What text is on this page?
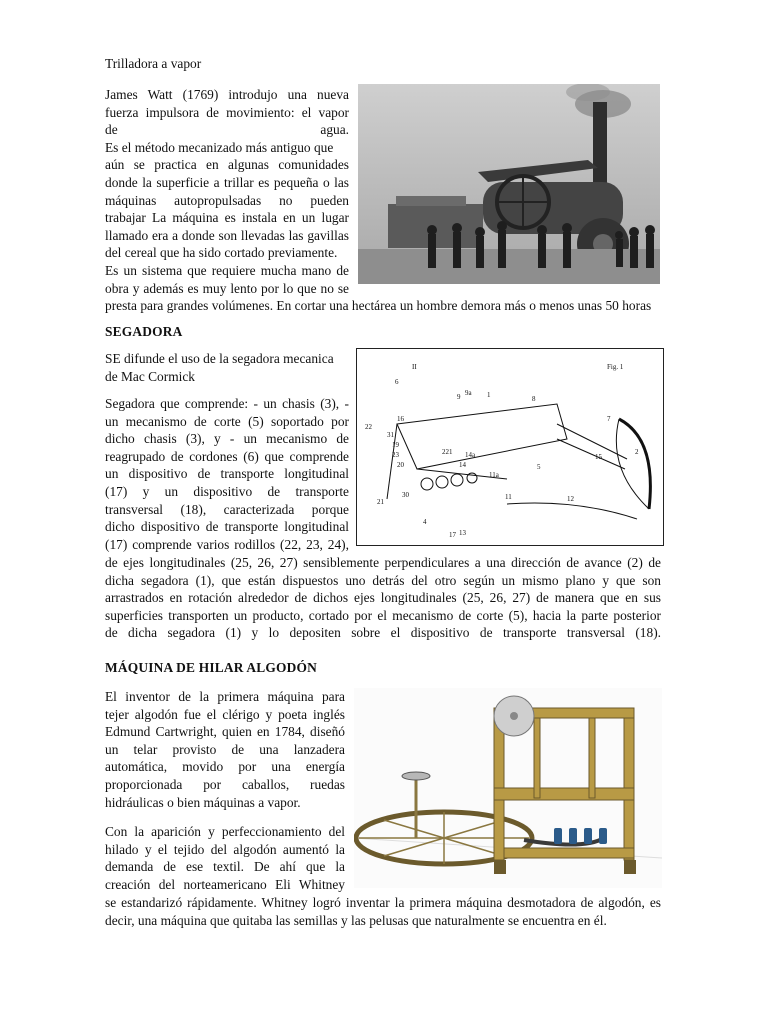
Trilladora a vapor

James Watt (1769) introdujo una nueva
fuerza impulsora de movimiento: el vapor
de                                   agua.
Es el método mecanizado más antiguo que
aún se practica en algunas comunidades
donde la superficie a trillar es pequeña o las
máquinas autopropulsadas no pueden
trabajar La máquina es instala en un lugar
llamado era a donde son llevadas las gavillas
del cereal que ha sido cortado previamente.
Es un sistema que requiere mucha mano de
obra y además es muy lento por lo que no se
presta para grandes volúmenes. En cortar una hectárea un hombre demora más o menos unas 50 horas
SEGADORA
SE difunde el uso de la segadora mecanica
de Mac Cormick
Segadora que comprende: - un chasis (3), -
un mecanismo de corte (5) soportado por
dicho chasis (3), y - un mecanismo de
reagrupado de cordones (6) que comprende
un dispositivo de transporte longitudinal
(17) y un dispositivo de transporte
transversal (18), caracterizada porque
dicho dispositivo de transporte longitudinal
(17) comprende varios rodillos (22, 23, 24),
de ejes longitudinales (25, 26, 27) sensiblemente perpendiculares a una dirección de avance (2) de
dicha segadora (1), que están dispuestos uno detrás del otro según un mismo plano y que son
arrastrados en rotación alrededor de dichos ejes longitudinales (25, 26, 27) de manera que en sus
superficies transporten un producto, cortado por el mecanismo de corte (5), hacia la parte posterior
de dicha segadora (1) y lo depositen sobre el dispositivo de transporte transversal (18).
II	Fig. 1
6
9a
9	1	8
7
22
16
31
19
23
20
221 14a	15
2
21
30
14
11a
11	12
4
17 13
5
MÁQUINA DE HILAR ALGODÓN
El inventor de la primera máquina para
tejer algodón fue el clérigo y poeta inglés
Edmund Cartwright, quien en 1784, diseñó
un telar provisto de una lanzadera
automática, movido por una energía
proporcionada por caballos, ruedas
hidráulicas o bien máquinas a vapor.
Con la aparición y perfeccionamiento del
hilado y el tejido del algodón aumentó la
demanda de ese textil. De ahí que la
creación del norteamericano Eli Whitney
se estandarizó rápidamente. Whitney logró inventar la primera máquina desmotadora de algodón, es
decir, una máquina que quitaba las semillas y las pelusas que naturalmente se encuentra en él.
